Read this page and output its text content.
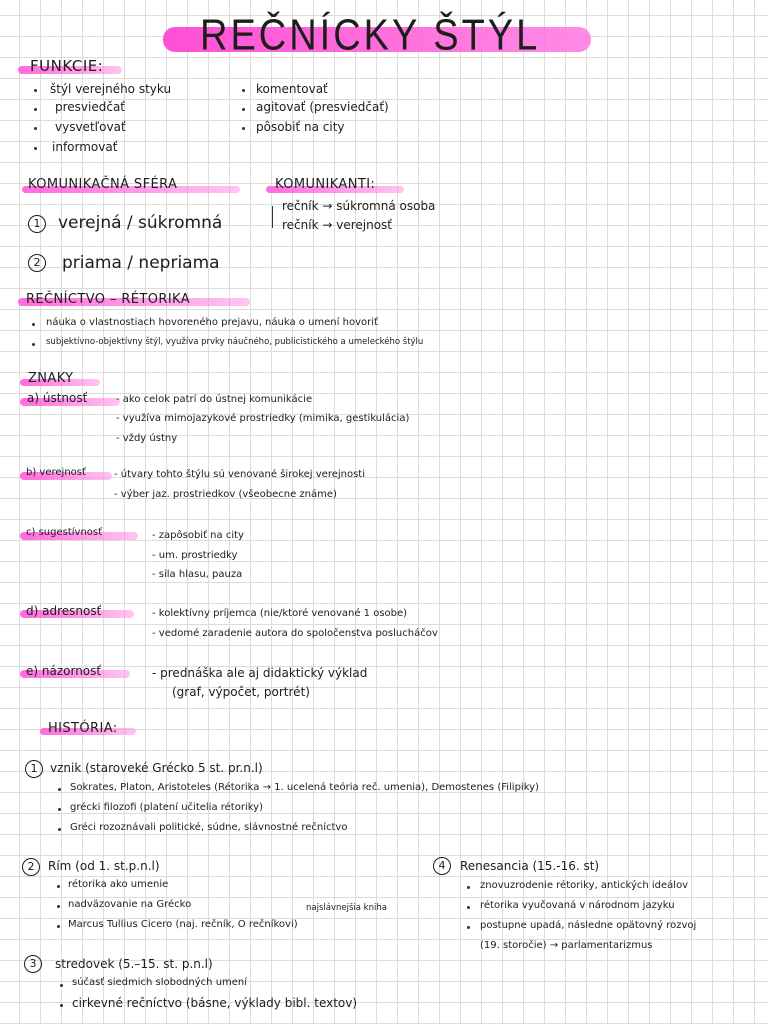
REČNÍCKY ŠTÝL
FUNKCIE:
štýl verejného styku
presviedčať
vysvetľovať
informovať
komentovať
agitovať (presviedčať)
pôsobiť na city
KOMUNIKAČNÁ SFÉRA
1	verejná / súkromná
2	priama / nepriama
KOMUNIKANTI:
rečník → súkromná osoba
rečník → verejnosť
REČNÍCTVO – RÉTORIKA
náuka o vlastnostiach hovoreného prejavu, náuka o umení hovoriť
subjektívno-objektívny štýl, využíva prvky náučného, publicistického a umeleckého štýlu
ZNAKY
a) ústnosť	- ako celok patrí do ústnej komunikácie
- využíva mimojazykové prostriedky (mimika, gestikulácia)
- vždy ústny
b) verejnosť	- útvary tohto štýlu sú venované širokej verejnosti
- výber jaz. prostriedkov (všeobecne známe)
c) sugestívnosť	- zapôsobiť na city
- um. prostriedky
- sila hlasu, pauza
d) adresnosť	- kolektívny príjemca (nie/ktoré venované 1 osobe)
- vedomé zaradenie autora do spoločenstva poslucháčov
e) názornosť	- prednáška ale aj didaktický výklad
(graf, výpočet, portrét)
HISTÓRIA:
1	vznik (staroveké Grécko 5 st. pr.n.l)
Sokrates, Platon, Aristoteles (Rétorika → 1. ucelená teória reč. umenia), Demostenes (Filipiky)
grécki filozofi (platení učitelia rétoriky)
Gréci rozoznávali politické, súdne, slávnostné rečníctvo
2	Rím (od 1. st.p.n.l)
rétorika ako umenie
nadväzovanie na Grécko
Marcus Tullius Cicero (naj. rečník, O rečníkovi)
najslávnejšia kniha
3	stredovek (5.–15. st. p.n.l)
súčasť siedmich slobodných umení
cirkevné rečníctvo (básne, výklady bibl. textov)
4	Renesancia (15.-16. st)
znovuzrodenie rétoriky, antických ideálov
rétorika vyučovaná v národnom jazyku
postupne upadá, následne opätovný rozvoj
(19. storočie) → parlamentarizmus
